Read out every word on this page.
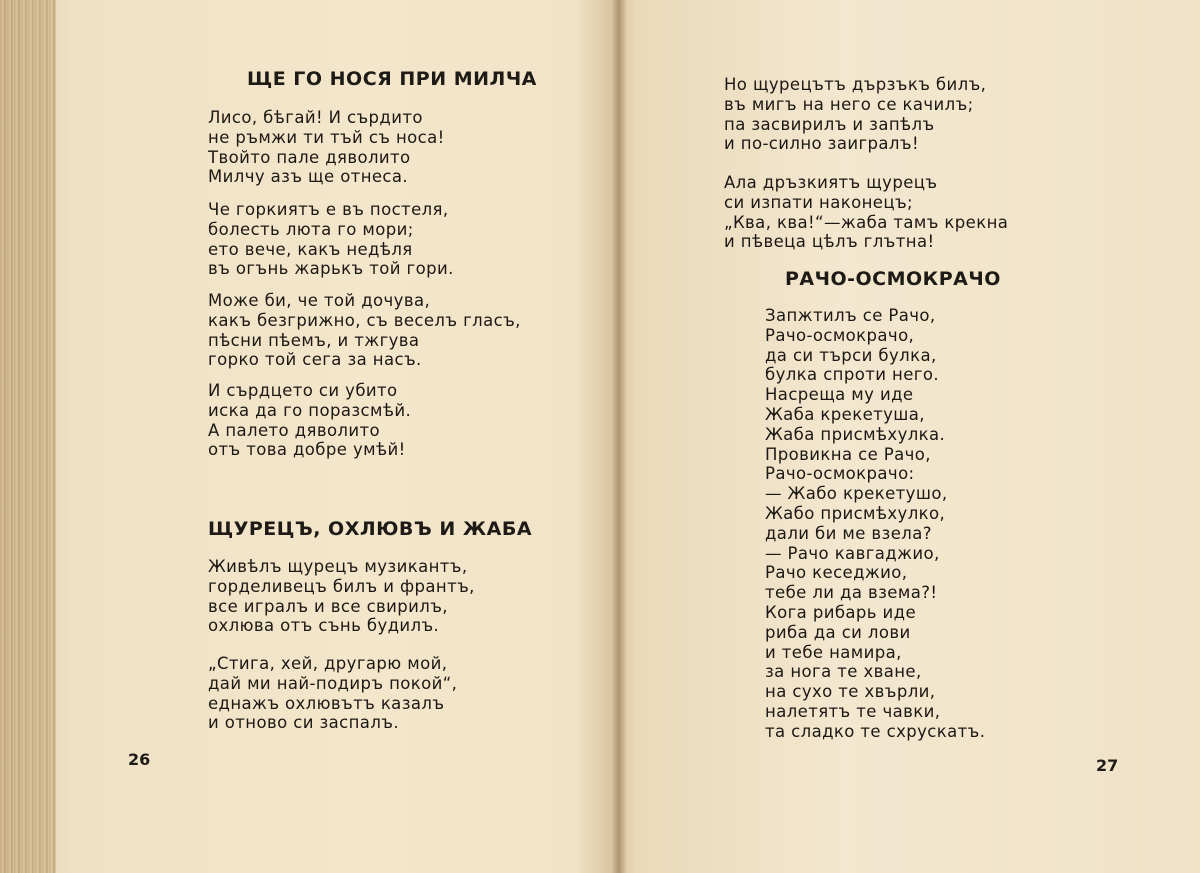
ЩЕ ГО НОСЯ ПРИ МИЛЧА
Лисо, бѣгай! И сърдито
не ръмжи ти тъй съ носа!
Твойто пале дяволито
Милчу азъ ще отнеса.
Че горкиятъ е въ постеля,
болесть люта го мори;
ето вече, какъ недѣля
въ огънь жарькъ той гори.
Може би, че той дочува,
какъ безгрижно, съ веселъ гласъ,
пѣсни пѣемъ, и тжгува
горко той сега за насъ.
И сърдцето си убито
иска да го поразсмѣй.
А палето дяволито
отъ това добре умѣй!
ЩУРЕЦЪ, ОХЛЮВЪ И ЖАБА
Живѣлъ щурецъ музикантъ,
горделивецъ билъ и франтъ,
все игралъ и все свирилъ,
охлюва отъ сънь будилъ.
„Стига, хей, другарю мой,
дай ми най-подиръ покой“,
еднажъ охлювътъ казалъ
и отново си заспалъ.
26
Но щурецътъ дързъкъ билъ,
въ мигъ на него се качилъ;
па засвирилъ и запѣлъ
и по-силно заигралъ!
Ала дръзкиятъ щурецъ
си изпати наконецъ;
„Ква, ква!“—жаба тамъ крекна
и пѣвеца цѣлъ глътна!
РАЧО-ОСМОКРАЧО
Запжтилъ се Рачо,
Рачо-осмокрачо,
да си търси булка,
булка спроти него.
Насреща му иде
Жаба крекетуша,
Жаба присмѣхулка.
Провикна се Рачо,
Рачо-осмокрачо:
— Жабо крекетушо,
Жабо присмѣхулко,
дали би ме взела?
— Рачо кавгаджио,
Рачо кеседжио,
тебе ли да взема?!
Кога рибарь иде
риба да си лови
и тебе намира,
за нога те хване,
на сухо те хвърли,
налетятъ те чавки,
та сладко те схрускатъ.
27
